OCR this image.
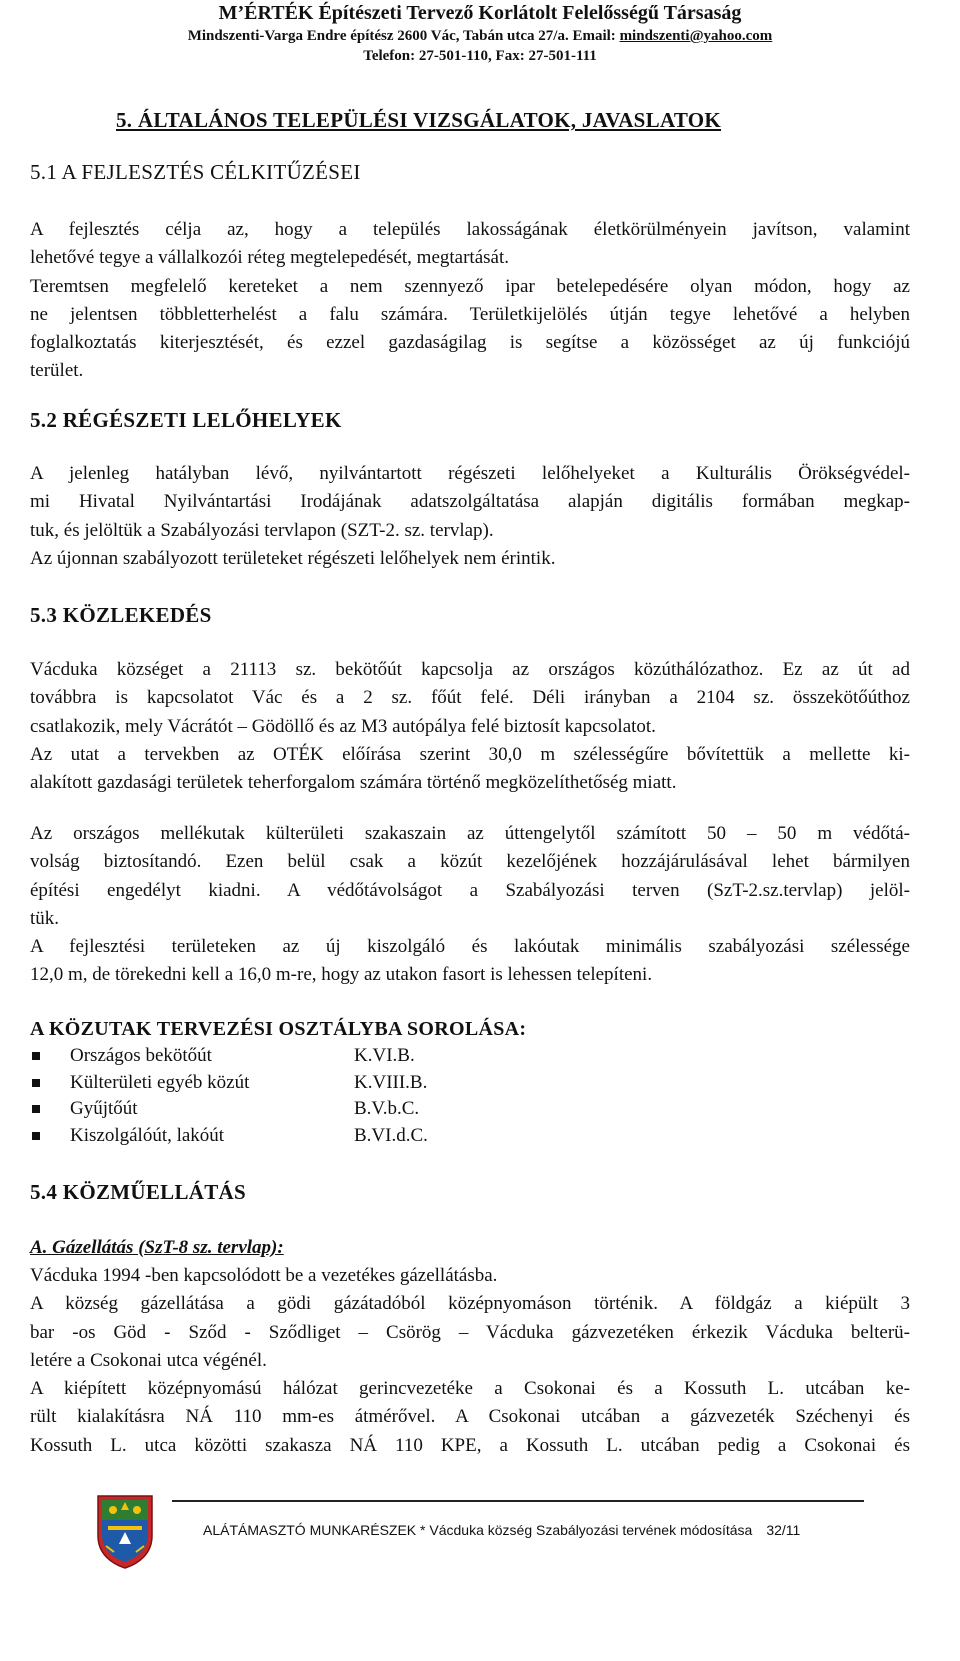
M’ÉRTÉK Építészeti Tervező Korlátolt Felelősségű Társaság
Mindszenti-Varga Endre építész 2600 Vác, Tabán utca 27/a. Email: mindszenti@yahoo.com
Telefon: 27-501-110, Fax: 27-501-111
5. ÁLTALÁNOS TELEPÜLÉSI VIZSGÁLATOK, JAVASLATOK
5.1 A FEJLESZTÉS CÉLKITŰZÉSEI
A fejlesztés célja az, hogy a település lakosságának életkörülményein javítson, valamint
lehetővé tegye a vállalkozói réteg megtelepedését, megtartását.
Teremtsen megfelelő kereteket a nem szennyező ipar betelepedésére olyan módon, hogy az
ne jelentsen többletterhelést a falu számára. Területkijelölés útján tegye lehetővé a helyben
foglalkoztatás kiterjesztését, és ezzel gazdaságilag is segítse a közösséget az új funkciójú
terület.
5.2 RÉGÉSZETI LELŐHELYEK
A jelenleg hatályban lévő, nyilvántartott régészeti lelőhelyeket a Kulturális Örökségvédel-
mi Hivatal Nyilvántartási Irodájának adatszolgáltatása alapján digitális formában megkap-
tuk, és jelöltük a Szabályozási tervlapon (SZT-2. sz. tervlap).
Az újonnan szabályozott területeket régészeti lelőhelyek nem érintik.
5.3 KÖZLEKEDÉS
Vácduka községet a 21113 sz. bekötőút kapcsolja az országos közúthálózathoz. Ez az út ad
továbbra is kapcsolatot Vác és a 2 sz. főút felé. Déli irányban a 2104 sz. összekötőúthoz
csatlakozik, mely Vácrátót – Gödöllő és az M3 autópálya felé biztosít kapcsolatot.
Az utat a tervekben az OTÉK előírása szerint 30,0 m szélességűre bővítettük a mellette ki-
alakított gazdasági területek teherforgalom számára történő megközelíthetőség miatt.
Az országos mellékutak külterületi szakaszain az úttengelytől számított 50 – 50 m védőtá-
volság biztosítandó. Ezen belül csak a közút kezelőjének hozzájárulásával lehet bármilyen
építési engedélyt kiadni. A védőtávolságot a Szabályozási terven (SzT-2.sz.tervlap) jelöl-
tük.
A fejlesztési területeken az új kiszolgáló és lakóutak minimális szabályozási szélessége
12,0 m, de törekedni kell a 16,0 m-re, hogy az utakon fasort is lehessen telepíteni.
A KÖZUTAK TERVEZÉSI OSZTÁLYBA SOROLÁSA:
Országos bekötőút	K.VI.B.
Külterületi egyéb közút	K.VIII.B.
Gyűjtőút	B.V.b.C.
Kiszolgálóút, lakóút	B.VI.d.C.
5.4 KÖZMŰELLÁTÁS
A. Gázellátás (SzT-8 sz. tervlap):
Vácduka 1994 -ben kapcsolódott be a vezetékes gázellátásba.
A község gázellátása a gödi gázátadóból középnyomáson történik. A földgáz a kiépült 3
bar -os Göd - Sződ - Sződliget – Csörög – Vácduka gázvezetéken érkezik Vácduka belterü-
letére a Csokonai utca végénél.
A kiépített középnyomású hálózat gerincvezetéke a Csokonai és a Kossuth L. utcában ke-
rült kialakításra NÁ 110 mm-es átmérővel. A Csokonai utcában a gázvezeték Széchenyi és
Kossuth L. utca közötti szakasza NÁ 110 KPE, a Kossuth L. utcában pedig a Csokonai és
ALÁTÁMASZTÓ MUNKARÉSZEK * Vácduka község Szabályozási tervének módosítása 32/11
